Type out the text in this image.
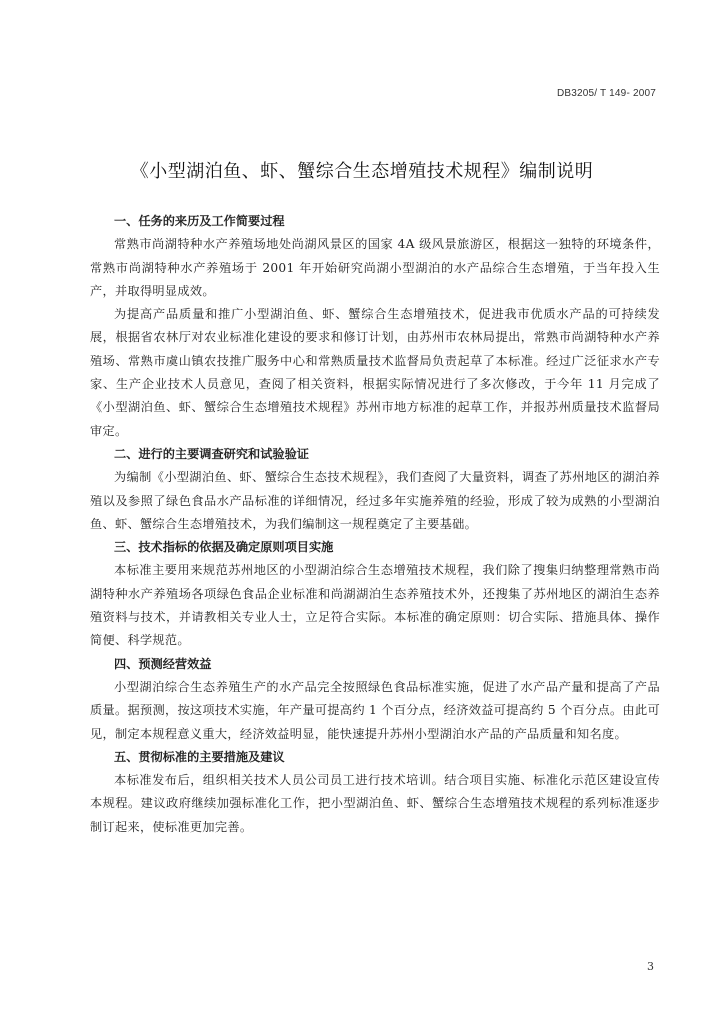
DB3205/ T 149- 2007
《小型湖泊鱼、虾、蟹综合生态增殖技术规程》编制说明

一、任务的来历及工作简要过程

常熟市尚湖特种水产养殖场地处尚湖风景区的国家 4A 级风景旅游区，根据这一独特的环境条件，常熟市尚湖特种水产养殖场于 2001 年开始研究尚湖小型湖泊的水产品综合生态增殖，于当年投入生产，并取得明显成效。

为提高产品质量和推广小型湖泊鱼、虾、蟹综合生态增殖技术，促进我市优质水产品的可持续发展，根据省农林厅对农业标准化建设的要求和修订计划，由苏州市农林局提出，常熟市尚湖特种水产养殖场、常熟市虞山镇农技推广服务中心和常熟质量技术监督局负责起草了本标准。经过广泛征求水产专家、生产企业技术人员意见，查阅了相关资料，根据实际情况进行了多次修改，于今年 11 月完成了《小型湖泊鱼、虾、蟹综合生态增殖技术规程》苏州市地方标准的起草工作，并报苏州质量技术监督局审定。

二、进行的主要调查研究和试验验证

为编制《小型湖泊鱼、虾、蟹综合生态技术规程》，我们查阅了大量资料，调查了苏州地区的湖泊养殖以及参照了绿色食品水产品标准的详细情况，经过多年实施养殖的经验，形成了较为成熟的小型湖泊鱼、虾、蟹综合生态增殖技术，为我们编制这一规程奠定了主要基础。

三、技术指标的依据及确定原则项目实施

本标准主要用来规范苏州地区的小型湖泊综合生态增殖技术规程，我们除了搜集归纳整理常熟市尚湖特种水产养殖场各项绿色食品企业标准和尚湖湖泊生态养殖技术外，还搜集了苏州地区的湖泊生态养殖资料与技术，并请教相关专业人士，立足符合实际。本标准的确定原则：切合实际、措施具体、操作简便、科学规范。

四、预测经营效益

小型湖泊综合生态养殖生产的水产品完全按照绿色食品标准实施，促进了水产品产量和提高了产品质量。据预测，按这项技术实施，年产量可提高约 1 个百分点，经济效益可提高约 5 个百分点。由此可见，制定本规程意义重大，经济效益明显，能快速提升苏州小型湖泊水产品的产品质量和知名度。

五、贯彻标准的主要措施及建议

本标准发布后，组织相关技术人员公司员工进行技术培训。结合项目实施、标准化示范区建设宣传本规程。建议政府继续加强标准化工作，把小型湖泊鱼、虾、蟹综合生态增殖技术规程的系列标准逐步制订起来，使标准更加完善。

3
